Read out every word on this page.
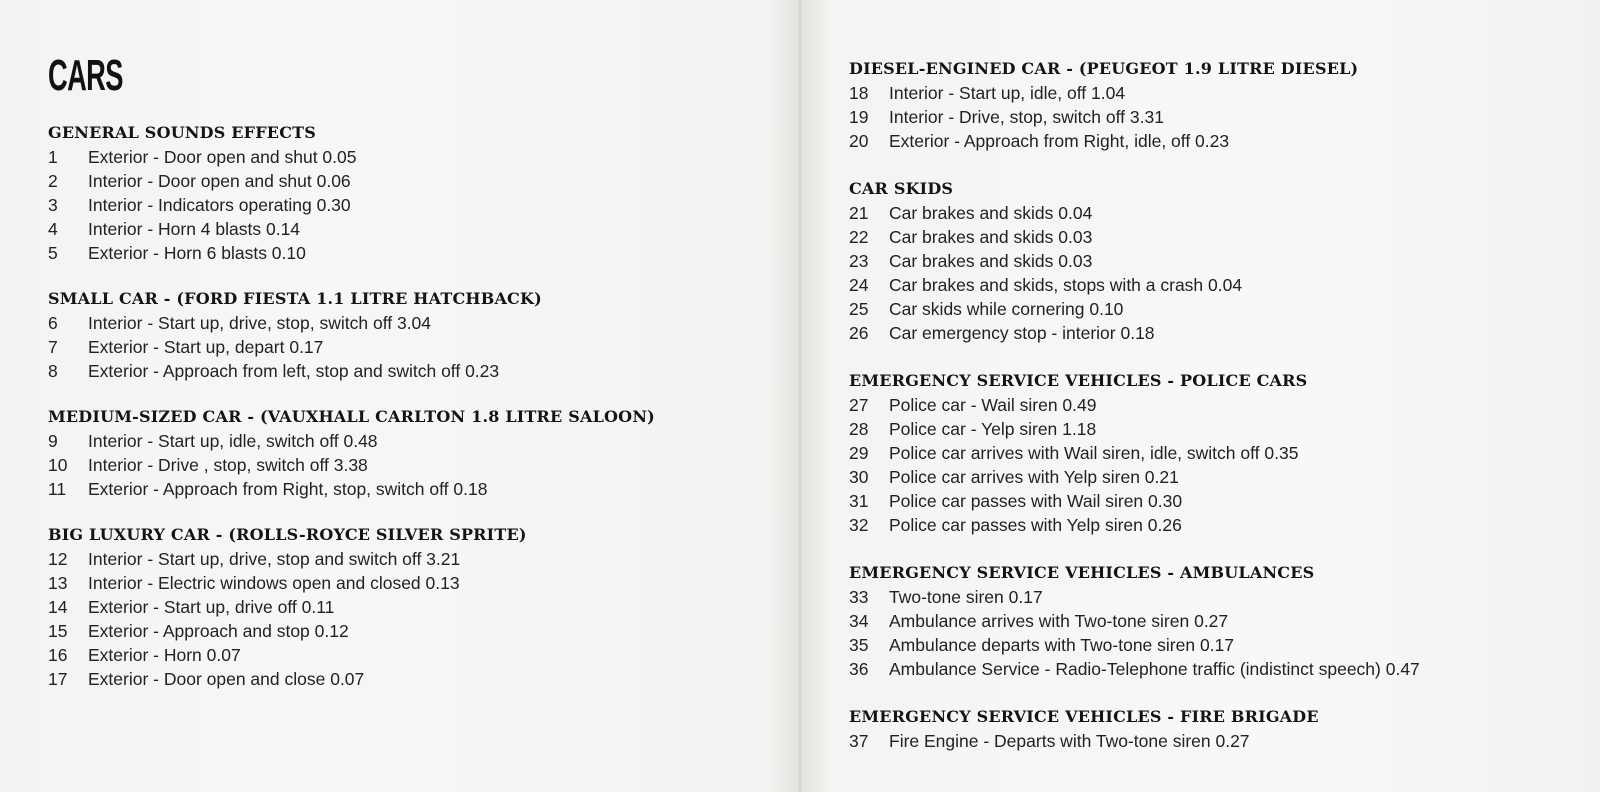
CARS
GENERAL SOUNDS EFFECTS
1	Exterior - Door open and shut 0.05
2	Interior - Door open and shut 0.06
3	Interior - Indicators operating 0.30
4	Interior - Horn 4 blasts 0.14
5	Exterior - Horn 6 blasts 0.10
SMALL CAR - (FORD FIESTA 1.1 LITRE HATCHBACK)
6	Interior - Start up, drive, stop, switch off 3.04
7	Exterior - Start up, depart 0.17
8	Exterior - Approach from left, stop and switch off 0.23
MEDIUM-SIZED CAR - (VAUXHALL CARLTON 1.8 LITRE SALOON)
9	Interior - Start up, idle, switch off 0.48
10	Interior - Drive , stop, switch off 3.38
11	Exterior - Approach from Right, stop, switch off 0.18
BIG LUXURY CAR - (ROLLS-ROYCE SILVER SPRITE)
12	Interior - Start up, drive, stop and switch off 3.21
13	Interior - Electric windows open and closed 0.13
14	Exterior - Start up, drive off 0.11
15	Exterior - Approach and stop 0.12
16	Exterior - Horn 0.07
17	Exterior - Door open and close 0.07
DIESEL-ENGINED CAR - (PEUGEOT 1.9 LITRE DIESEL)
18	Interior - Start up, idle, off 1.04
19	Interior - Drive, stop, switch off 3.31
20	Exterior - Approach from Right, idle, off 0.23
CAR SKIDS
21	Car brakes and skids 0.04
22	Car brakes and skids 0.03
23	Car brakes and skids 0.03
24	Car brakes and skids, stops with a crash 0.04
25	Car skids while cornering 0.10
26	Car emergency stop - interior 0.18
EMERGENCY SERVICE VEHICLES - POLICE CARS
27	Police car - Wail siren 0.49
28	Police car - Yelp siren 1.18
29	Police car arrives with Wail siren, idle, switch off 0.35
30	Police car arrives with Yelp siren 0.21
31	Police car passes with Wail siren 0.30
32	Police car passes with Yelp siren 0.26
EMERGENCY SERVICE VEHICLES - AMBULANCES
33	Two-tone siren 0.17
34	Ambulance arrives with Two-tone siren 0.27
35	Ambulance departs with Two-tone siren 0.17
36	Ambulance Service - Radio-Telephone traffic (indistinct speech) 0.47
EMERGENCY SERVICE VEHICLES - FIRE BRIGADE
37	Fire Engine - Departs with Two-tone siren 0.27
